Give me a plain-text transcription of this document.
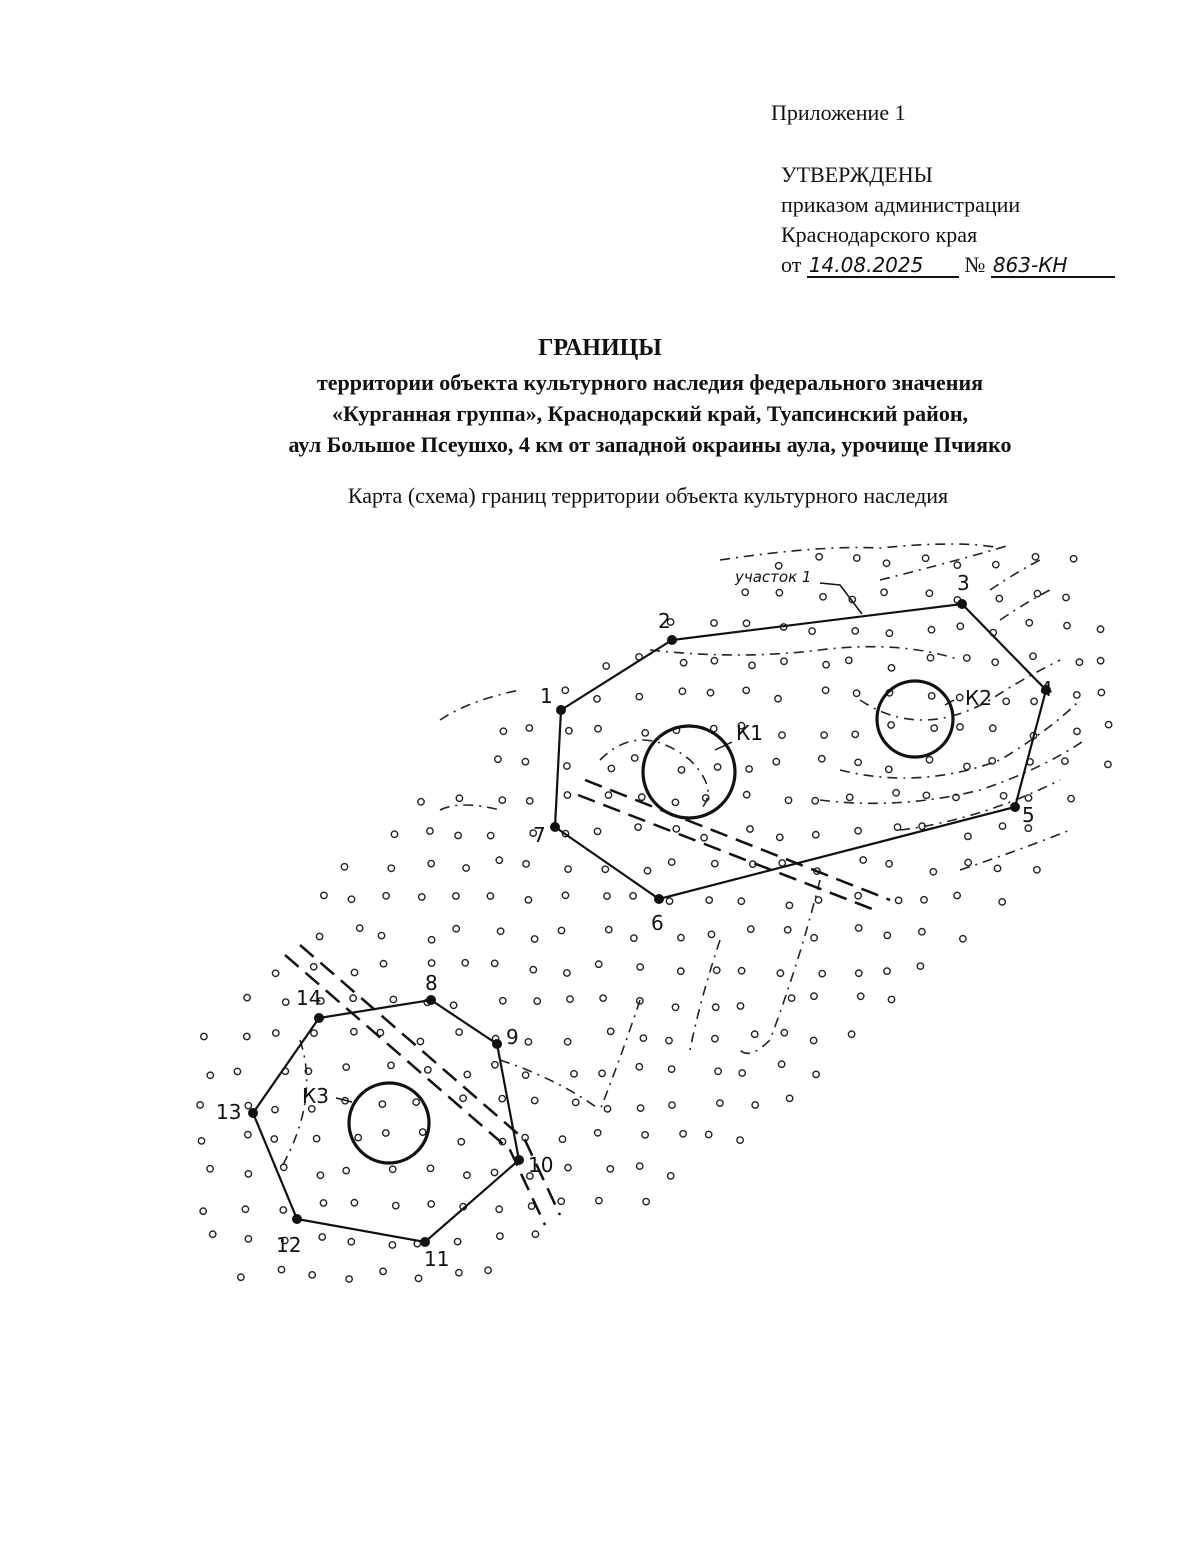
Приложение 1
УТВЕРЖДЕНЫ
приказом администрации
Краснодарского края
от 14.08.2025 № 863-КН
ГРАНИЦЫ
территории объекта культурного наследия федерального значения
«Курганная группа», Краснодарский край, Туапсинский район,
аул Большое Псеушхо, 4 км от западной окраины аула, урочище Пчияко
Карта (схема) границ территории объекта культурного наследия
участок 1
К1
К2
К3
1
2
3
4
5
6
7
8
9
10
11
12
13
14
